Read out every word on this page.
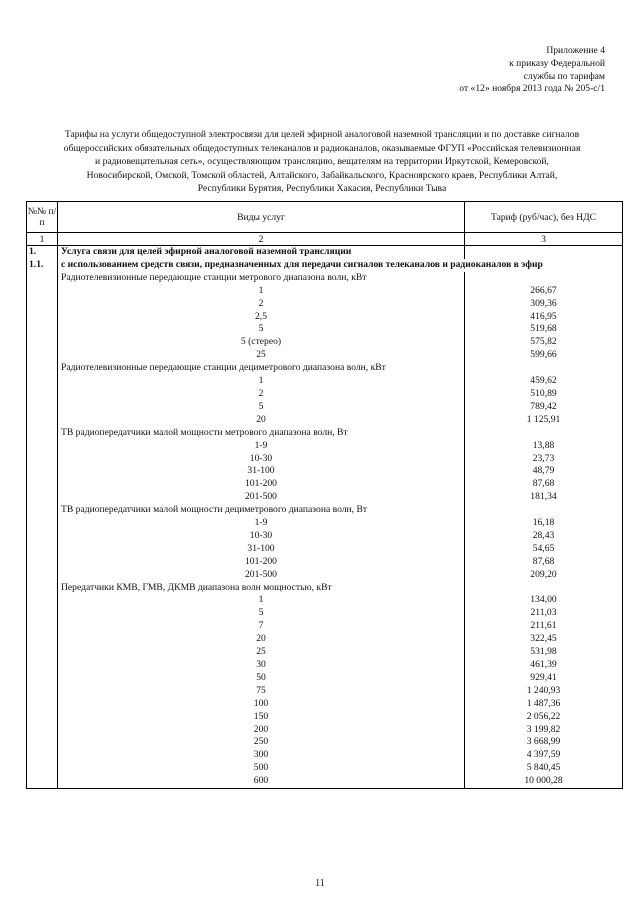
Приложение 4
к приказу Федеральной
службы по тарифам
от «12» ноября 2013 года № 205-с/1
Тарифы на услуги общедоступной электросвязи для целей эфирной аналоговой наземной трансляции и по доставке сигналов
общероссийских обязательных общедоступных телеканалов и радиоканалов, оказываемые ФГУП «Российская телевизионная
и радиовещательная сеть», осуществляющим трансляцию, вещателям на территории Иркутской, Кемеровской,
Новосибирской, Омской, Томской областей, Алтайского, Забайкальского, Красноярского краев, Республики Алтай,
Республики Бурятия, Республики Хакасия, Республики Тыва
№№ п/п	Виды услуг	Тариф (руб/час), без НДС
1	2	3
1.	Услуга связи для целей эфирной аналоговой наземной трансляции	
1.1.	с использованием средств связи, предназначенных для передачи сигналов телеканалов и радиоканалов в эфир	
	Радиотелевизионные передающие станции метрового диапазона волн, кВт	
	1	266,67
	2	309,36
	2,5	416,95
	5	519,68
	5 (стерео)	575,82
	25	599,66
	Радиотелевизионные передающие станции дециметрового диапазона волн, кВт	
	1	459,62
	2	510,89
	5	789,42
	20	1 125,91
	ТВ радиопередатчики малой мощности метрового диапазона волн, Вт	
	1-9	13,88
	10-30	23,73
	31-100	48,79
	101-200	87,68
	201-500	181,34
	ТВ радиопередатчики малой мощности дециметрового диапазона волн, Вт	
	1-9	16,18
	10-30	28,43
	31-100	54,65
	101-200	87,68
	201-500	209,20
	Передатчики КМВ, ГМВ, ДКМВ диапазона волн мощностью, кВт	
	1	134,00
	5	211,03
	7	211,61
	20	322,45
	25	531,98
	30	461,39
	50	929,41
	75	1 240,93
	100	1 487,36
	150	2 056,22
	200	3 199,82
	250	3 668,99
	300	4 397,59
	500	5 840,45
	600	10 000,28
11
